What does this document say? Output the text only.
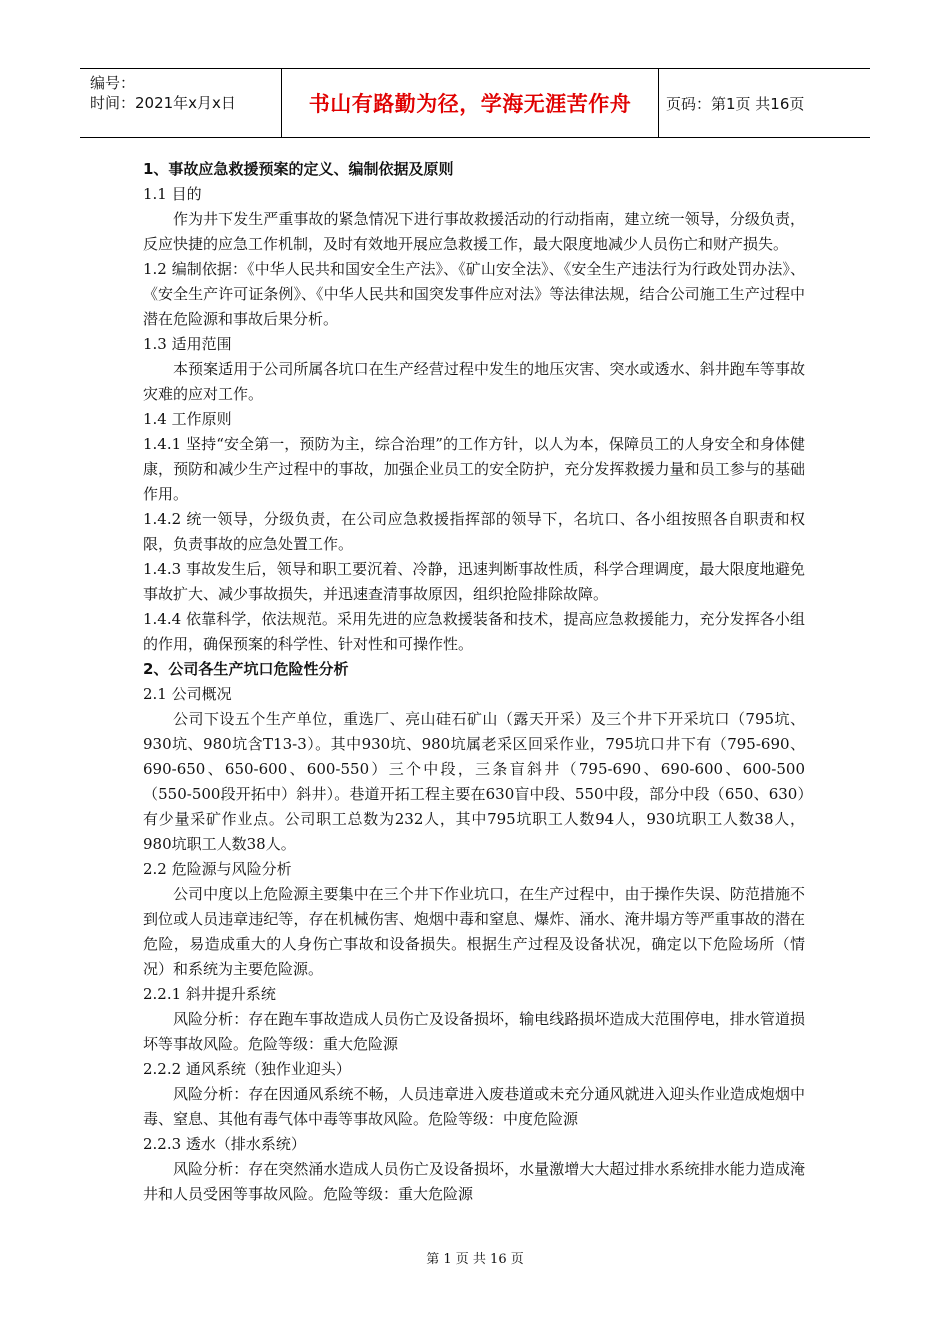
编号：
时间：2021年x月x日	书山有路勤为径，学海无涯苦作舟	页码：第1页 共16页

1、事故应急救援预案的定义、编制依据及原则

1.1 目的

作为井下发生严重事故的紧急情况下进行事故救援活动的行动指南，建立统一领导，分级负责，反应快捷的应急工作机制，及时有效地开展应急救援工作，最大限度地减少人员伤亡和财产损失。

1.2 编制依据：《中华人民共和国安全生产法》、《矿山安全法》、《安全生产违法行为行政处罚办法》、《安全生产许可证条例》、《中华人民共和国突发事件应对法》等法律法规，结合公司施工生产过程中潜在危险源和事故后果分析。

1.3 适用范围

本预案适用于公司所属各坑口在生产经营过程中发生的地压灾害、突水或透水、斜井跑车等事故灾难的应对工作。

1.4 工作原则

1.4.1 坚持“安全第一，预防为主，综合治理”的工作方针，以人为本，保障员工的人身安全和身体健康，预防和减少生产过程中的事故，加强企业员工的安全防护，充分发挥救援力量和员工参与的基础作用。

1.4.2 统一领导，分级负责，在公司应急救援指挥部的领导下，名坑口、各小组按照各自职责和权限，负责事故的应急处置工作。

1.4.3 事故发生后，领导和职工要沉着、冷静，迅速判断事故性质，科学合理调度，最大限度地避免事故扩大、减少事故损失，并迅速查清事故原因，组织抢险排除故障。

1.4.4 依靠科学，依法规范。采用先进的应急救援装备和技术，提高应急救援能力，充分发挥各小组的作用，确保预案的科学性、针对性和可操作性。

2、公司各生产坑口危险性分析

2.1 公司概况

公司下设五个生产单位，重选厂、亮山硅石矿山（露天开采）及三个井下开采坑口（795坑、930坑、980坑含T13-3）。其中930坑、980坑属老采区回采作业，795坑口井下有（795-690、690-650、650-600、600-550）三个中段，三条盲斜井（795-690、690-600、600-500（550-500段开拓中）斜井）。巷道开拓工程主要在630盲中段、550中段，部分中段（650、630）有少量采矿作业点。公司职工总数为232人，其中795坑职工人数94人，930坑职工人数38人，980坑职工人数38人。

2.2 危险源与风险分析

公司中度以上危险源主要集中在三个井下作业坑口，在生产过程中，由于操作失误、防范措施不到位或人员违章违纪等，存在机械伤害、炮烟中毒和窒息、爆炸、涌水、淹井塌方等严重事故的潜在危险，易造成重大的人身伤亡事故和设备损失。根据生产过程及设备状况，确定以下危险场所（情况）和系统为主要危险源。

2.2.1 斜井提升系统

风险分析：存在跑车事故造成人员伤亡及设备损坏，输电线路损坏造成大范围停电，排水管道损坏等事故风险。危险等级：重大危险源

2.2.2 通风系统（独作业迎头）

风险分析：存在因通风系统不畅，人员违章进入废巷道或未充分通风就进入迎头作业造成炮烟中毒、窒息、其他有毒气体中毒等事故风险。危险等级：中度危险源

2.2.3 透水（排水系统）

风险分析：存在突然涌水造成人员伤亡及设备损坏，水量激增大大超过排水系统排水能力造成淹井和人员受困等事故风险。危险等级：重大危险源

第 1 页 共 16 页
